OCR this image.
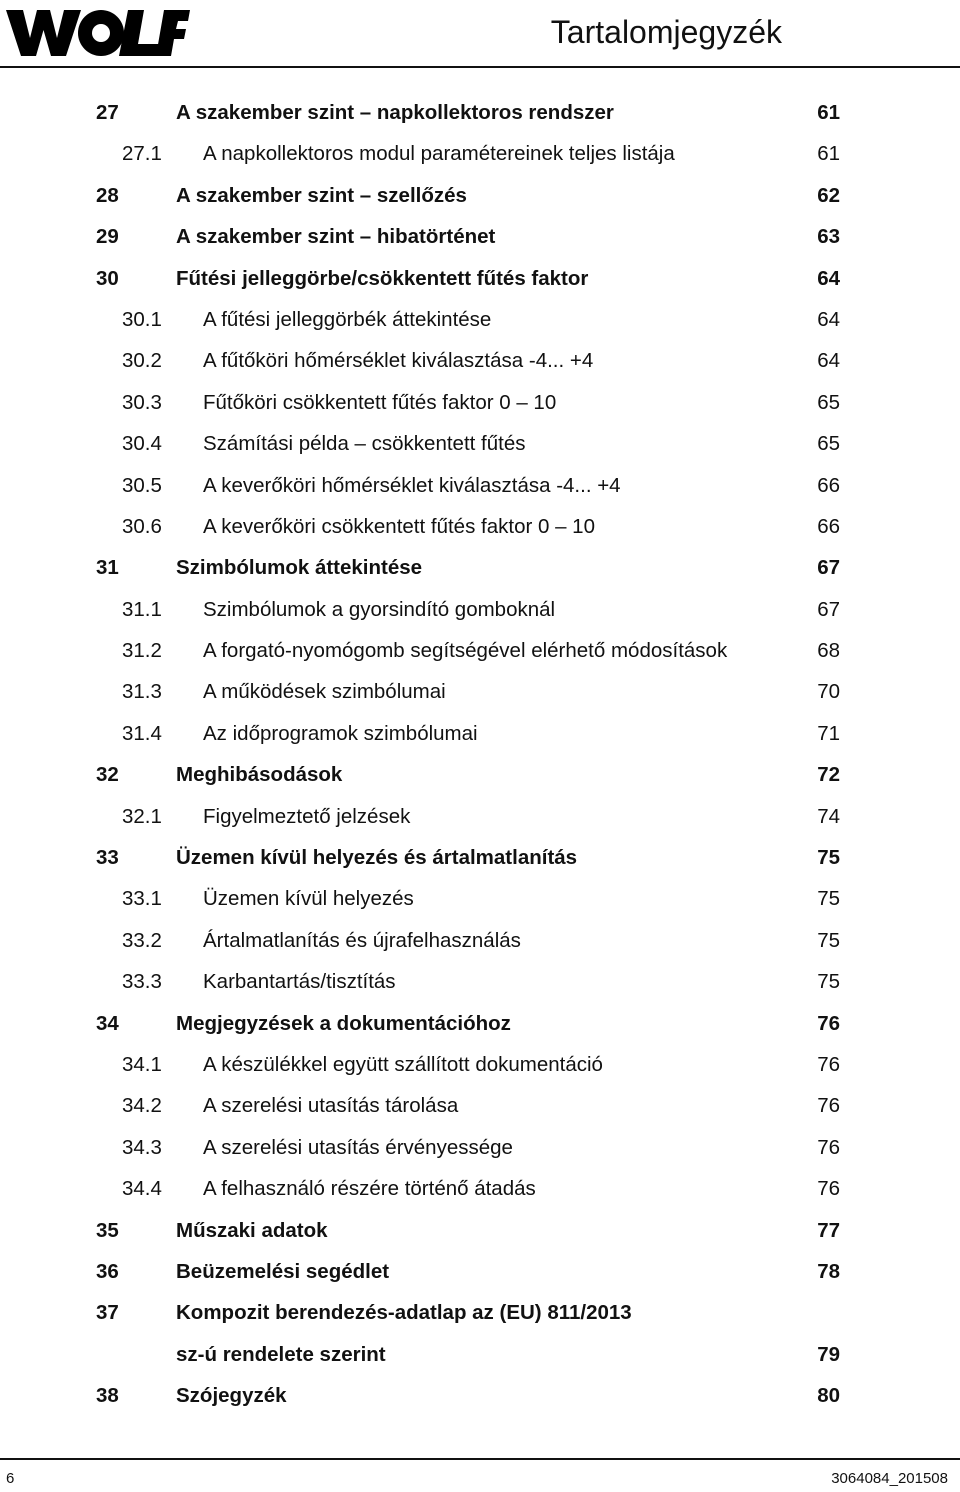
Tartalomjegyzék
27	A szakember szint – napkollektoros rendszer	61
27.1 A napkollektoros modul paramétereinek teljes listája	61
28	A szakember szint – szellőzés	62
29	A szakember szint – hibatörténet	63
30	Fűtési jelleggörbe/csökkentett fűtés faktor	64
30.1 A fűtési jelleggörbék áttekintése	64
30.2 A fűtőköri hőmérséklet kiválasztása -4... +4	64
30.3 Fűtőköri csökkentett fűtés faktor 0 – 10	65
30.4 Számítási példa – csökkentett fűtés	65
30.5 A keverőköri hőmérséklet kiválasztása -4... +4	66
30.6 A keverőköri csökkentett fűtés faktor 0 – 10	66
31	Szimbólumok áttekintése	67
31.1 Szimbólumok a gyorsindító gomboknál	67
31.2 A forgató-nyomógomb segítségével elérhető módosítások	68
31.3 A működések szimbólumai	70
31.4 Az időprogramok szimbólumai	71
32	Meghibásodások	72
32.1 Figyelmeztető jelzések	74
33	Üzemen kívül helyezés és ártalmatlanítás	75
33.1 Üzemen kívül helyezés	75
33.2 Ártalmatlanítás és újrafelhasználás	75
33.3 Karbantartás/tisztítás	75
34	Megjegyzések a dokumentációhoz	76
34.1 A készülékkel együtt szállított dokumentáció	76
34.2 A szerelési utasítás tárolása	76
34.3 A szerelési utasítás érvényessége	76
34.4 A felhasználó részére történő átadás	76
35	Műszaki adatok	77
36	Beüzemelési segédlet	78
37	Kompozit berendezés-adatlap az (EU) 811/2013
sz-ú rendelete szerint	79
38	Szójegyzék	80
6	3064084_201508
